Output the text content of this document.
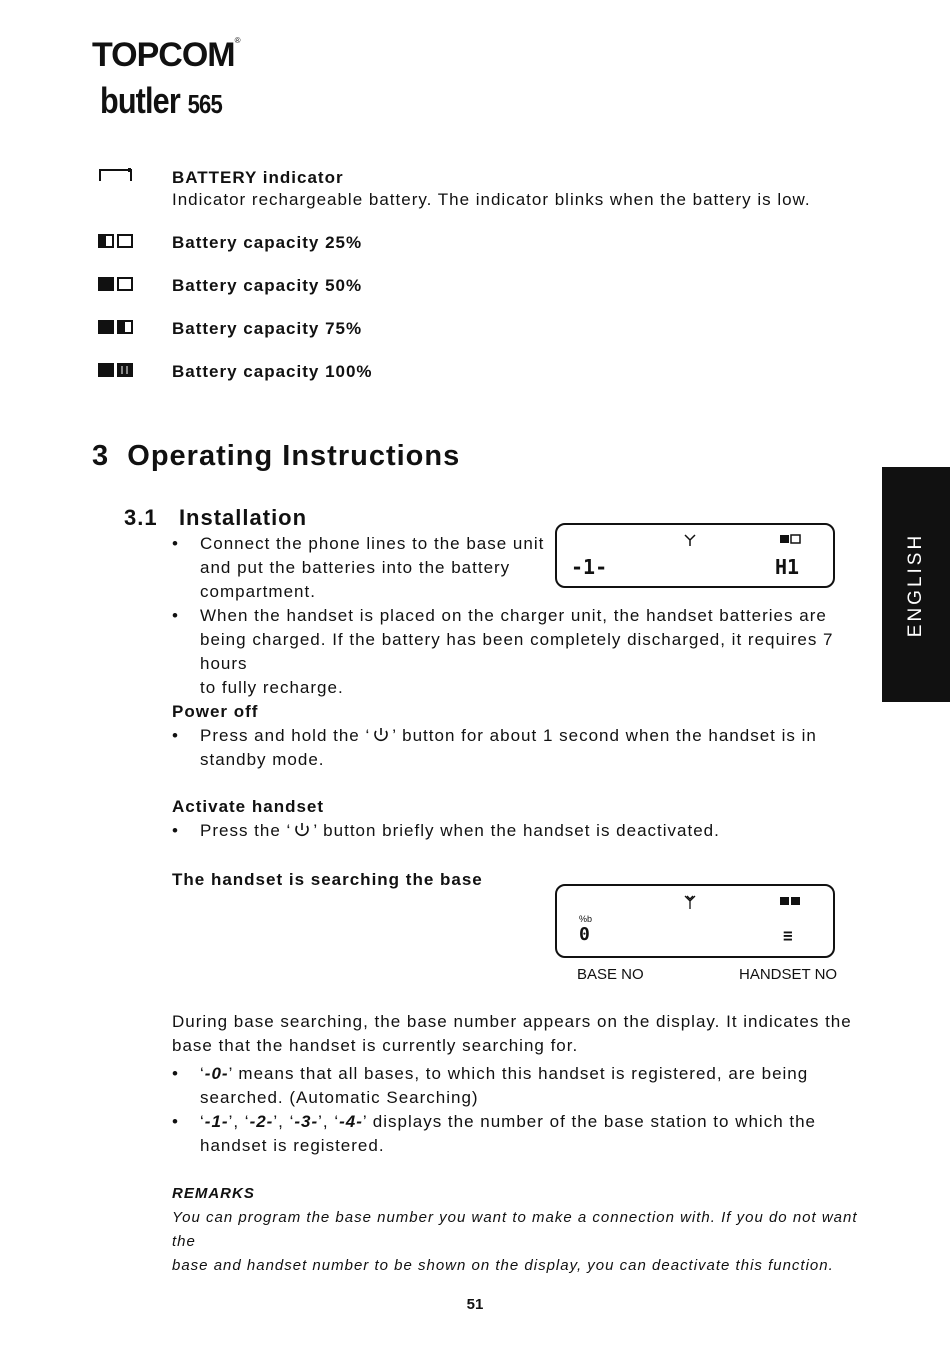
TOPCOM®
butler 565
BATTERY indicator
Indicator rechargeable battery. The indicator blinks when the battery is low.
Battery capacity 25%
Battery capacity 50%
Battery capacity 75%
Battery capacity 100%
3 Operating Instructions
3.1 Installation
• Connect the phone lines to the base unit
and put the batteries into the battery
compartment.
• When the handset is placed on the charger unit, the handset batteries are
being charged. If the battery has been completely discharged, it requires 7 hours
to fully recharge.
-1-	H1
Power off
• Press and hold the ‘ ’ button for about 1 second when the handset is in
standby mode.
Activate handset
• Press the ‘ ’ button briefly when the handset is deactivated.
The handset is searching the base
%b
0	≡
BASE NO	HANDSET NO
During base searching, the base number appears on the display. It indicates the
base that the handset is currently searching for.
• ‘-0-’ means that all bases, to which this handset is registered, are being
searched. (Automatic Searching)
• ‘-1-’, ‘-2-’, ‘-3-’, ‘-4-’ displays the number of the base station to which the
handset is registered.
REMARKS
You can program the base number you want to make a connection with. If you do not want the
base and handset number to be shown on the display, you can deactivate this function.
ENGLISH
51
